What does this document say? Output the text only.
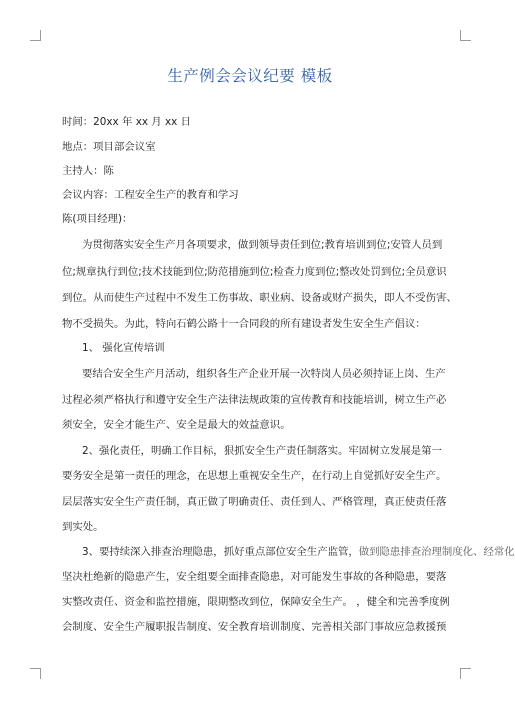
生产例会会议纪要 模板
时间：20xx 年 xx 月 xx 日
地点：项目部会议室
主持人：陈
会议内容：工程安全生产的教育和学习
陈(项目经理)：
为贯彻落实安全生产月各项要求，做到领导责任到位;教育培训到位;安管人员到
位;规章执行到位;技术技能到位;防范措施到位;检查力度到位;整改处罚到位;全员意识
到位。从而使生产过程中不发生工伤事故、职业病、设备或财产损失，即人不受伤害、
物不受损失。为此，特向石鹤公路十一合同段的所有建设者发生安全生产倡议：
1、 强化宣传培训
要结合安全生产月活动，组织各生产企业开展一次特岗人员必须持证上岗、生产
过程必须严格执行和遵守安全生产法律法规政策的宣传教育和技能培训，树立生产必
须安全，安全才能生产、安全是最大的效益意识。
2、强化责任，明确工作目标，狠抓安全生产责任制落实。牢固树立发展是第一
要务安全是第一责任的理念，在思想上重视安全生产，在行动上自觉抓好安全生产。
层层落实安全生产责任制，真正做了明确责任、责任到人、严格管理，真正使责任落
到实处。
3、要持续深入排查治理隐患，抓好重点部位安全生产监管，做到隐患排查治理制度化、经常化
坚决杜绝新的隐患产生，安全组要全面排查隐患，对可能发生事故的各种隐患，要落
实整改责任、资金和监控措施，限期整改到位，保障安全生产。 ，健全和完善季度例
会制度、安全生产履职报告制度、安全教育培训制度、完善相关部门事故应急救援预
